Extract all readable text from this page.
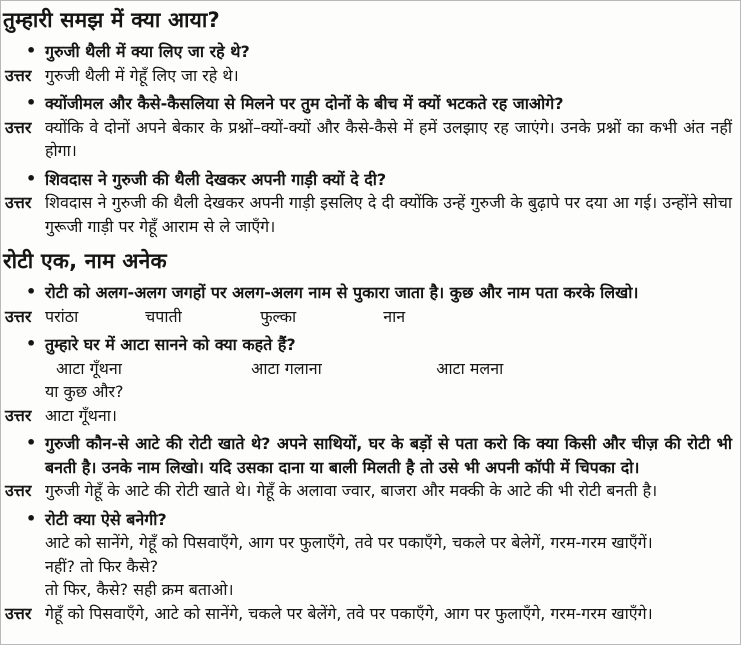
तुम्हारी समझ में क्या आया?
• गुरुजी थैली में क्या लिए जा रहे थे?
उत्तर गुरुजी थैली में गेहूँ लिए जा रहे थे।
• क्योंजीमल और कैसे-कैसलिया से मिलने पर तुम दोनों के बीच में क्यों भटकते रह जाओगे?
उत्तर क्योंकि वे दोनों अपने बेकार के प्रश्नों–क्यों-क्यों और कैसे-कैसे में हमें उलझाए रह जाएंगे। उनके प्रश्नों का कभी अंत नहीं होगा।
• शिवदास ने गुरुजी की थैली देखकर अपनी गाड़ी क्यों दे दी?
उत्तर शिवदास ने गुरुजी की थैली देखकर अपनी गाड़ी इसलिए दे दी क्योंकि उन्हें गुरुजी के बुढ़ापे पर दया आ गई। उन्होंने सोचा गुरूजी गाड़ी पर गेहूँ आराम से ले जाएँगे।
रोटी एक, नाम अनेक
• रोटी को अलग-अलग जगहों पर अलग-अलग नाम से पुकारा जाता है। कुछ और नाम पता करके लिखो।
उत्तर परांठा	चपाती	फुल्का	नान
• तुम्हारे घर में आटा सानने को क्या कहते हैं?
आटा गूँथना	आटा गलाना	आटा मलना
या कुछ और?
उत्तर आटा गूँथना।
• गुरुजी कौन-से आटे की रोटी खाते थे? अपने साथियों, घर के बड़ों से पता करो कि क्या किसी और चीज़ की रोटी भी बनती है। उनके नाम लिखो। यदि उसका दाना या बाली मिलती है तो उसे भी अपनी कॉपी में चिपका दो।
उत्तर गुरुजी गेहूँ के आटे की रोटी खाते थे। गेहूँ के अलावा ज्वार, बाजरा और मक्की के आटे की भी रोटी बनती है।
• रोटी क्या ऐसे बनेगी?
आटे को सानेंगे, गेहूँ को पिसवाएँगे, आग पर फुलाएँगे, तवे पर पकाएँगे, चकले पर बेलेगें, गरम-गरम खाएँगें।
नहीं? तो फिर कैसे?
तो फिर, कैसे? सही क्रम बताओ।
उत्तर गेहूँ को पिसवाएँगे, आटे को सानेंगे, चकले पर बेलेंगे, तवे पर पकाएँगे, आग पर फुलाएँगे, गरम-गरम खाएँगे।
